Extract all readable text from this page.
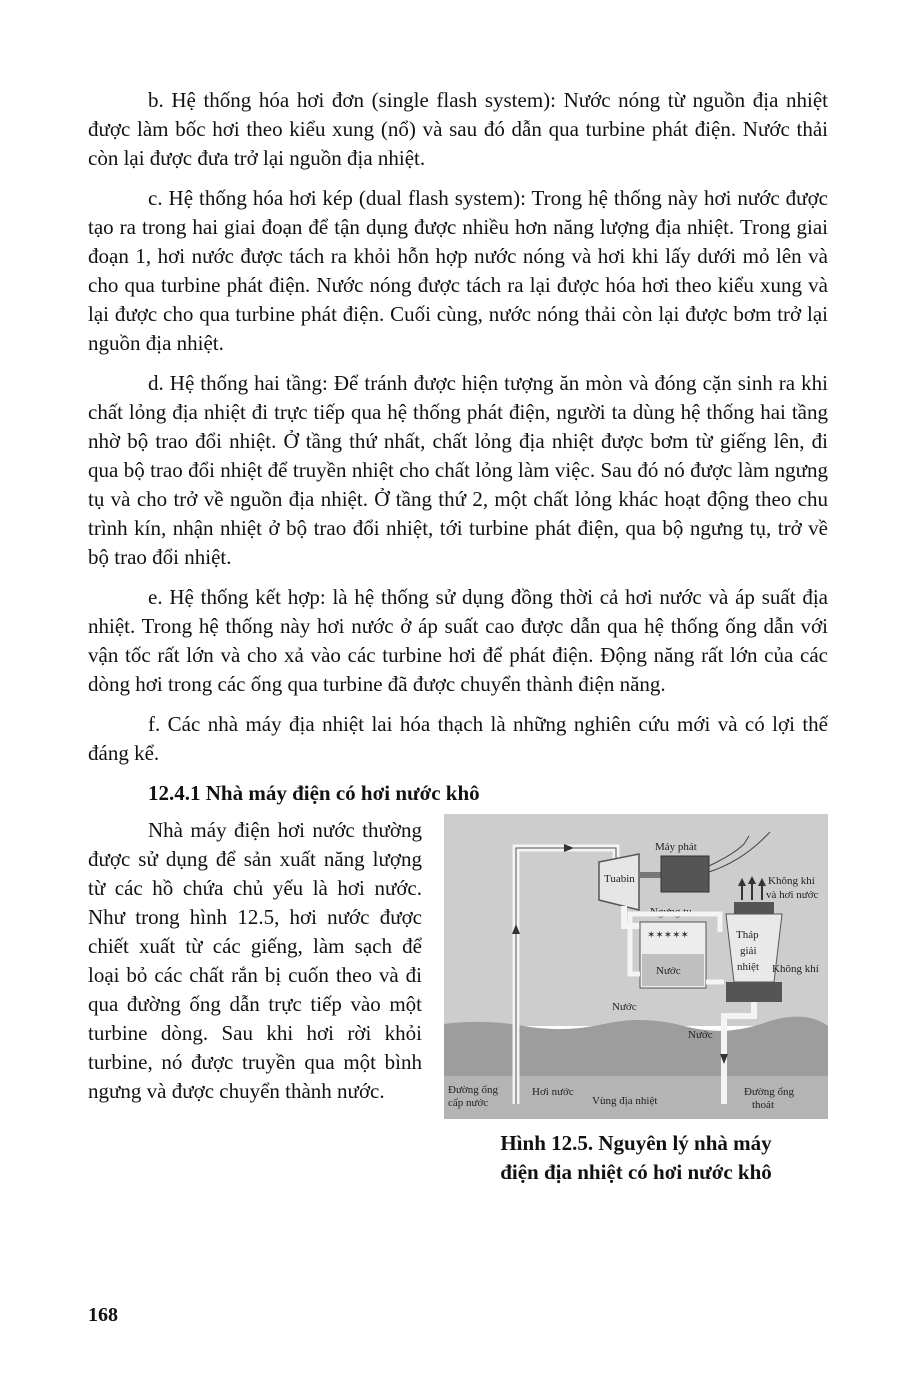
b. Hệ thống hóa hơi đơn (single flash system): Nước nóng từ nguồn địa nhiệt được làm bốc hơi theo kiểu xung (nổ) và sau đó dẫn qua turbine phát điện. Nước thải còn lại được đưa trở lại nguồn địa nhiệt.

c. Hệ thống hóa hơi kép (dual flash system): Trong hệ thống này hơi nước được tạo ra trong hai giai đoạn để tận dụng được nhiều hơn năng lượng địa nhiệt. Trong giai đoạn 1, hơi nước được tách ra khỏi hỗn hợp nước nóng và hơi khi lấy dưới mỏ lên và cho qua turbine phát điện. Nước nóng được tách ra lại được hóa hơi theo kiểu xung và lại được cho qua turbine phát điện. Cuối cùng, nước nóng thải còn lại được bơm trở lại nguồn địa nhiệt.

d. Hệ thống hai tầng: Để tránh được hiện tượng ăn mòn và đóng cặn sinh ra khi chất lỏng địa nhiệt đi trực tiếp qua hệ thống phát điện, người ta dùng hệ thống hai tầng nhờ bộ trao đổi nhiệt. Ở tầng thứ nhất, chất lỏng địa nhiệt được bơm từ giếng lên, đi qua bộ trao đổi nhiệt để truyền nhiệt cho chất lỏng làm việc. Sau đó nó được làm ngưng tụ và cho trở về nguồn địa nhiệt. Ở tầng thứ 2, một chất lỏng khác hoạt động theo chu trình kín, nhận nhiệt ở bộ trao đổi nhiệt, tới turbine phát điện, qua bộ ngưng tụ, trở về bộ trao đổi nhiệt.

e. Hệ thống kết hợp: là hệ thống sử dụng đồng thời cả hơi nước và áp suất địa nhiệt. Trong hệ thống này hơi nước ở áp suất cao được dẫn qua hệ thống ống dẫn với vận tốc rất lớn và cho xả vào các turbine hơi để phát điện. Động năng rất lớn của các dòng hơi trong các ống qua turbine đã được chuyển thành điện năng.

f. Các nhà máy địa nhiệt lai hóa thạch là những nghiên cứu mới và có lợi thế đáng kể.

12.4.1 Nhà máy điện có hơi nước khô

Nhà máy điện hơi nước thường được sử dụng để sản xuất năng lượng từ các hồ chứa chủ yếu là hơi nước. Như trong hình 12.5, hơi nước được chiết xuất từ các giếng, làm sạch để loại bỏ các chất rắn bị cuốn theo và đi qua đường ống dẫn trực tiếp vào một turbine dòng. Sau khi hơi rời khỏi turbine, nó được truyền qua một bình ngưng và được chuyển thành nước.

Tuabin
Máy phát
Ngưng tụ
✶✶✶✶✶
Nước
Tháp
giải
nhiệt Không khí
Không khí
và hơi nước
Nước
Nước
Đường ống
cấp nước
Hơi nước
Vùng địa nhiệt
Đường ống
thoát
Hình 12.5. Nguyên lý nhà máy
điện địa nhiệt có hơi nước khô
168
